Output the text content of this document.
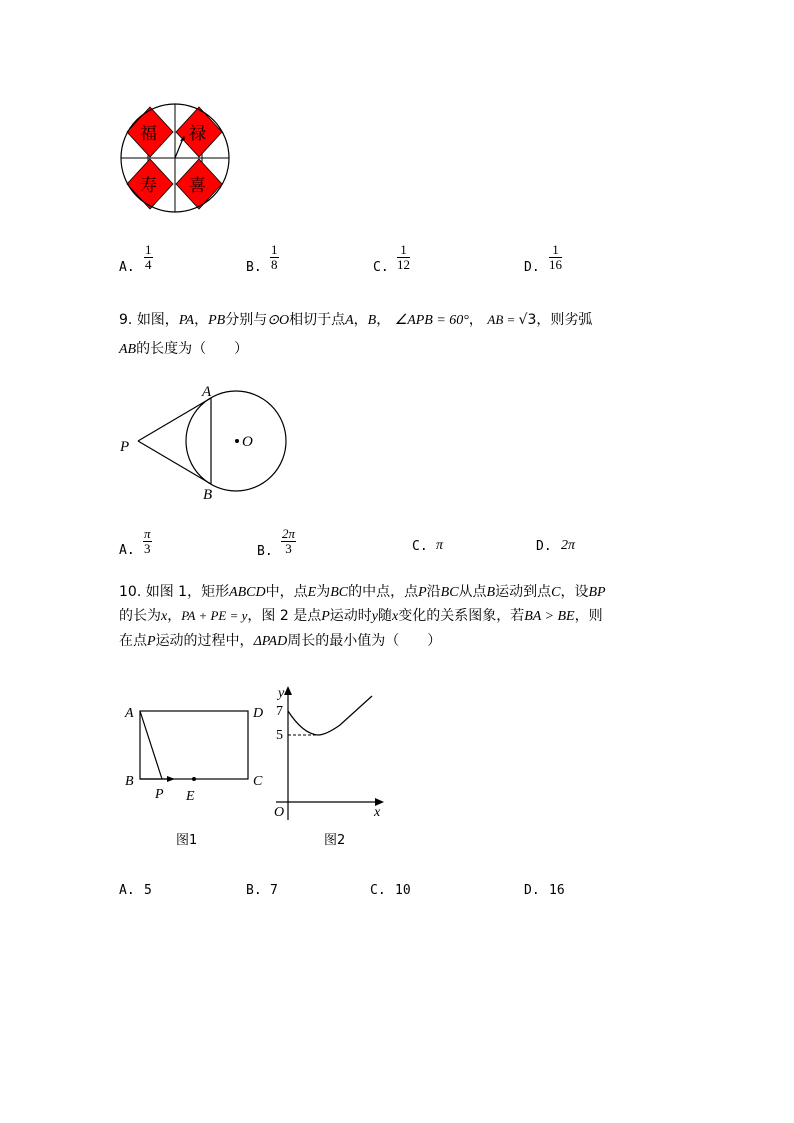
福 禄
寿 喜
A. $\frac{1}{4}$	B. $\frac{1}{8}$	C. $\frac{1}{12}$	D. $\frac{1}{16}$
9. 如图，PA，PB分别与⊙O相切于点A，B， ∠APB = 60°， AB = √3，则劣弧
AB的长度为（　　）
A
B
P	O
A. $\frac{\pi}{3}$	B. $\frac{2\pi}{3}$	C. π	D. 2π
10. 如图 1，矩形ABCD中，点E为BC的中点，点P沿BC从点B运动到点C，设BP
的长为x，PA + PE = y，图 2 是点P运动时y随x变化的关系图象，若BA > BE，则
在点P运动的过程中，ΔPAD周长的最小值为（　　）
A	D
B	C
P E
图1
y
7
5
O	x
图2
A. 5	B. 7	C. 10	D. 16
